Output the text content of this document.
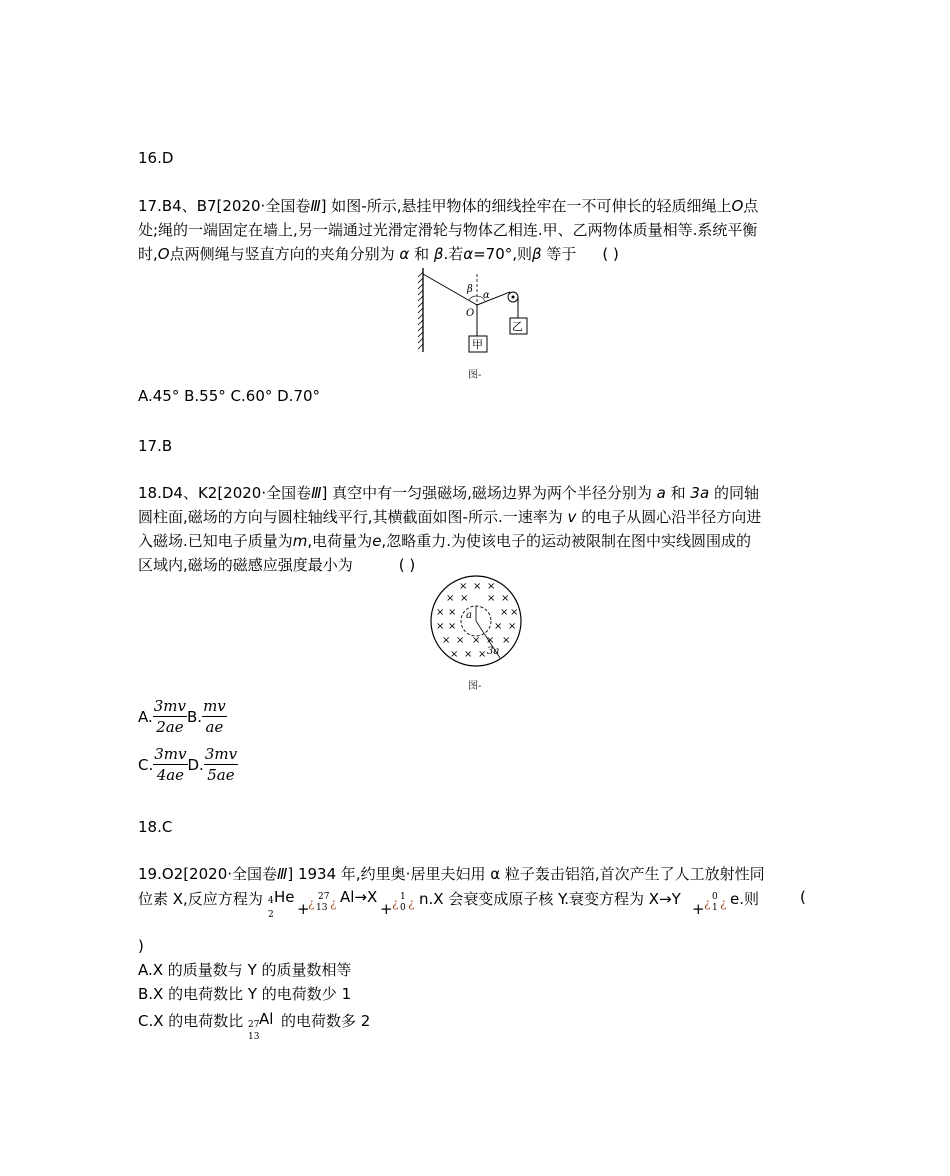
16.D
17.B4、B7[2020·全国卷Ⅲ] 如图-所示,悬挂甲物体的细线拴牢在一不可伸长的轻质细绳上O点
处;绳的一端固定在墙上,另一端通过光滑定滑轮与物体乙相连.甲、乙两物体质量相等.系统平衡
时,O点两侧绳与竖直方向的夹角分别为 α 和 β.若α=70°,则β 等于 ( )
β
α
O
甲
乙
图-
A.45° B.55° C.60° D.70°
17.B
18.D4、K2[2020·全国卷Ⅲ] 真空中有一匀强磁场,磁场边界为两个半径分别为 a 和 3a 的同轴
圆柱面,磁场的方向与圆柱轴线平行,其横截面如图-所示.一速率为 v 的电子从圆心沿半径方向进
入磁场.已知电子质量为m,电荷量为e,忽略重力.为使该电子的运动被限制在图中实线圆围成的
区域内,磁场的磁感应强度最小为	( )
× × ×
× × × ×
× ×	× ×
× ×	× ×
× × × × ×
× × ×
a
3a
图-
A. $\frac{3mv}{2ae} B$. $\frac{mv}{ae}$
C. $\frac{3mv}{4ae} D$. $\frac{3mv}{5ae}$
18.C
19.O2[2020·全国卷Ⅲ] 1934 年,约里奥·居里夫妇用 α 粒子轰击铝箔,首次产生了人工放射性同
位素 X,反应方程为 4 He
2 +
¿ 27
13 ¿ Al→X
+ ¿ 1
0 ¿ n.X 会衰变成原子核 Y.衰变方程为 X→Y
+ ¿ 0
1 ¿ e.则	(
)
A.X 的质量数与 Y 的质量数相等
B.X 的电荷数比 Y 的电荷数少 1
C.X 的电荷数比 27
13
Al 的电荷数多 2
